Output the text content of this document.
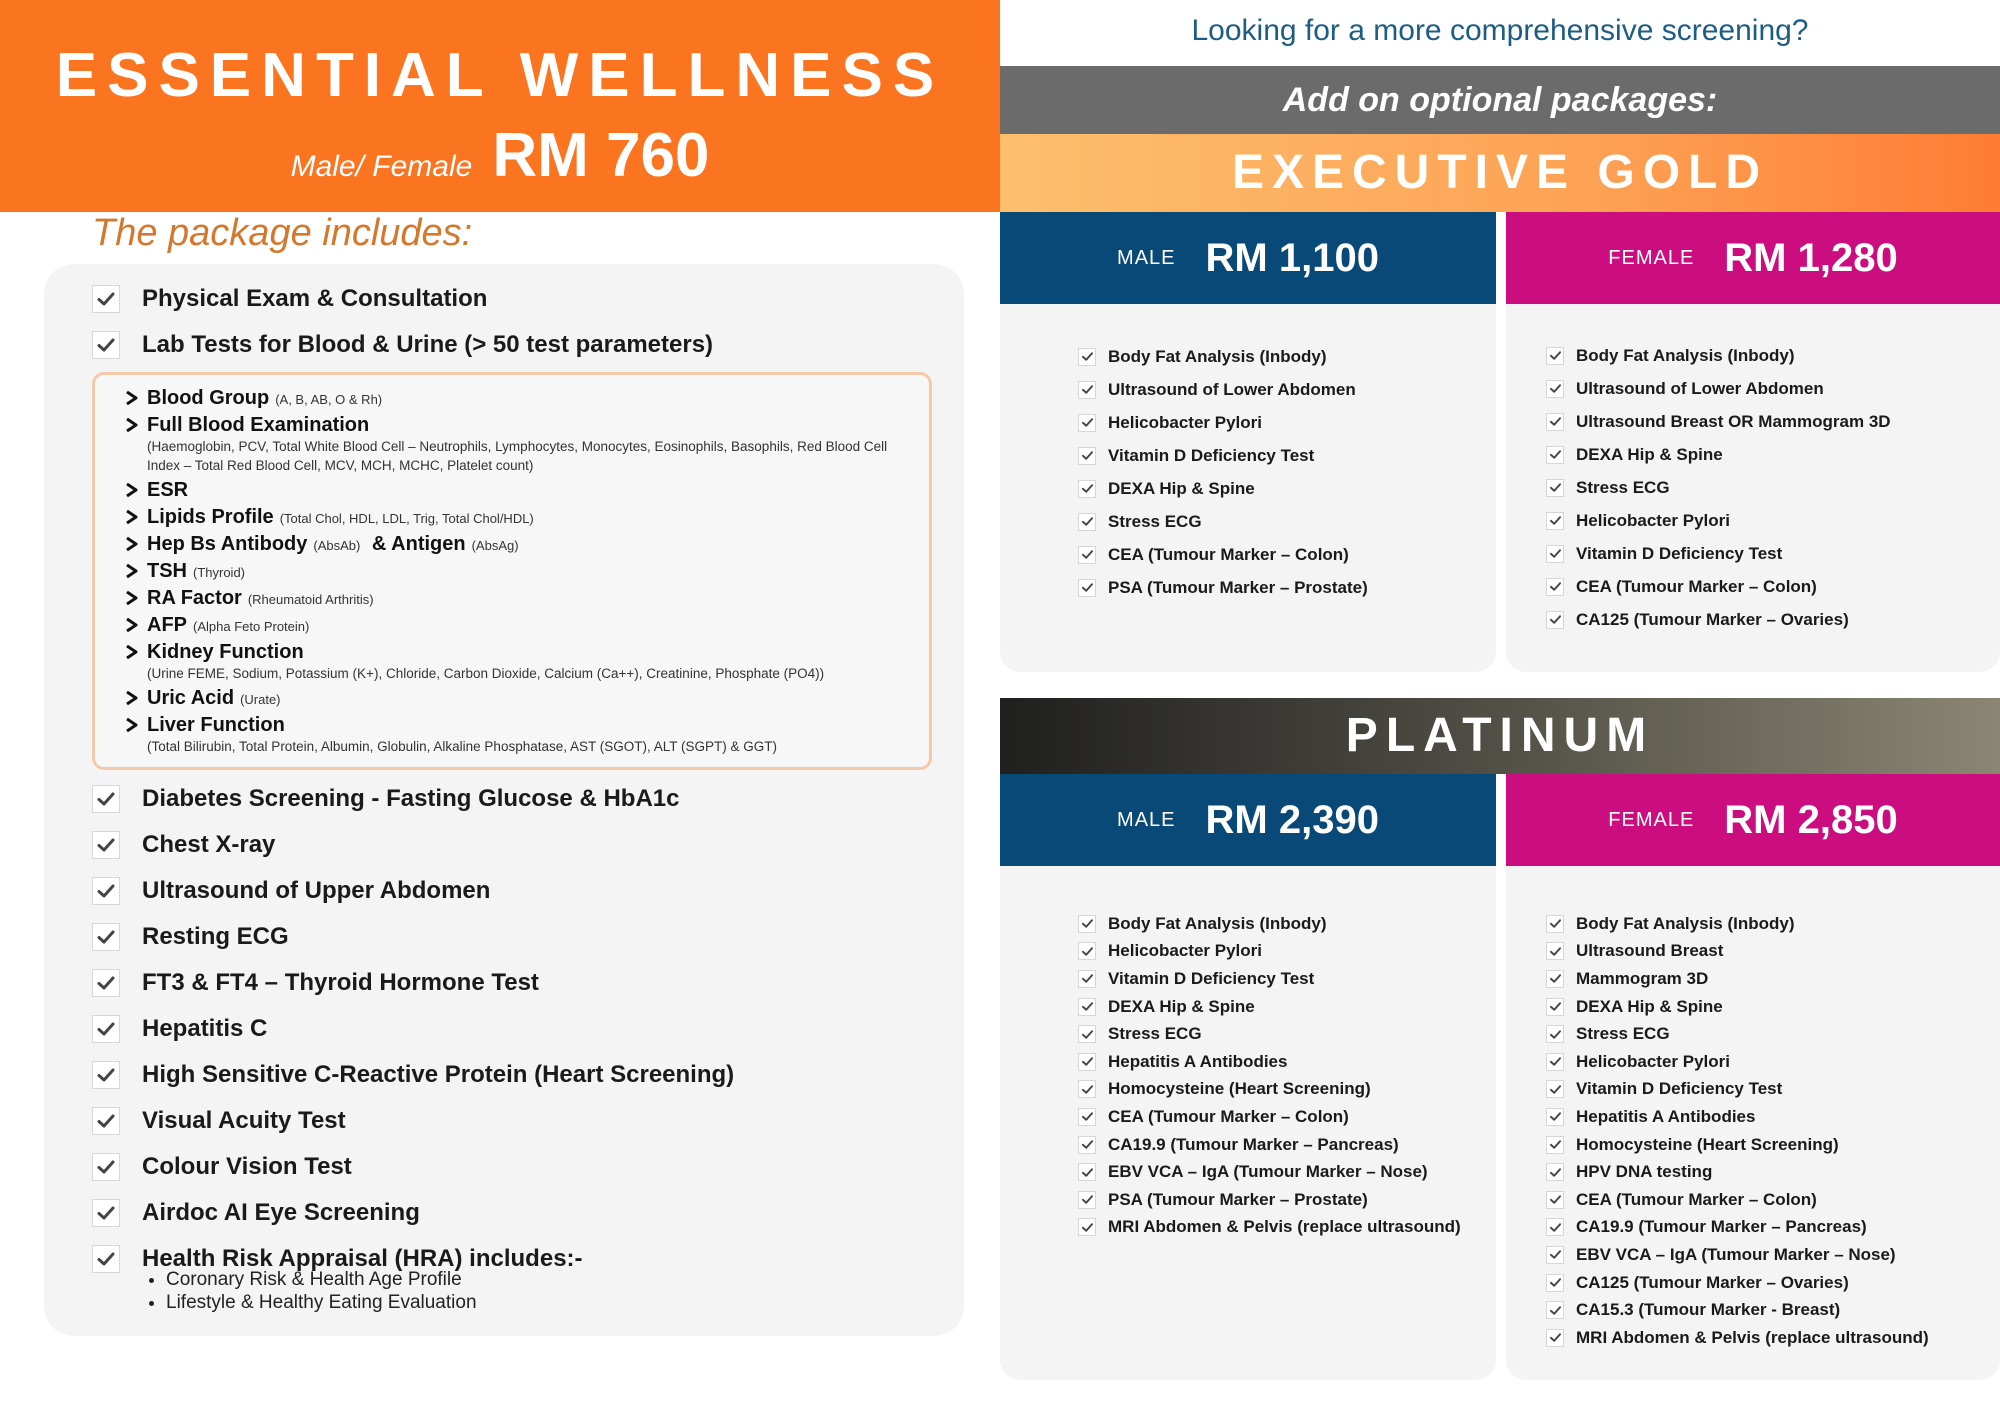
ESSENTIAL WELLNESS
Male/ Female RM 760
The package includes:
Physical Exam & Consultation
Lab Tests for Blood & Urine (> 50 test parameters)
Blood Group (A, B, AB, O & Rh)
Full Blood Examination
(Haemoglobin, PCV, Total White Blood Cell – Neutrophils, Lymphocytes, Monocytes, Eosinophils, Basophils, Red Blood Cell Index – Total Red Blood Cell, MCV, MCH, MCHC, Platelet count)
ESR
Lipids Profile (Total Chol, HDL, LDL, Trig, Total Chol/HDL)
Hep Bs Antibody (AbsAb) & Antigen (AbsAg)
TSH (Thyroid)
RA Factor (Rheumatoid Arthritis)
AFP (Alpha Feto Protein)
Kidney Function
(Urine FEME, Sodium, Potassium (K+), Chloride, Carbon Dioxide, Calcium (Ca++), Creatinine, Phosphate (PO4))
Uric Acid (Urate)
Liver Function
(Total Bilirubin, Total Protein, Albumin, Globulin, Alkaline Phosphatase, AST (SGOT), ALT (SGPT) & GGT)
Diabetes Screening - Fasting Glucose & HbA1c
Chest X-ray
Ultrasound of Upper Abdomen
Resting ECG
FT3 & FT4 – Thyroid Hormone Test
Hepatitis C
High Sensitive C-Reactive Protein (Heart Screening)
Visual Acuity Test
Colour Vision Test
Airdoc AI Eye Screening
Health Risk Appraisal (HRA) includes:-
• Coronary Risk & Health Age Profile
• Lifestyle & Healthy Eating Evaluation
Looking for a more comprehensive screening?
Add on optional packages:
EXECUTIVE GOLD
MALE RM 1,100	FEMALE RM 1,280
Body Fat Analysis (Inbody)
Ultrasound of Lower Abdomen
Helicobacter Pylori
Vitamin D Deficiency Test
DEXA Hip & Spine
Stress ECG
CEA (Tumour Marker – Colon)
PSA (Tumour Marker – Prostate)
Body Fat Analysis (Inbody)
Ultrasound of Lower Abdomen
Ultrasound Breast OR Mammogram 3D
DEXA Hip & Spine
Stress ECG
Helicobacter Pylori
Vitamin D Deficiency Test
CEA (Tumour Marker – Colon)
CA125 (Tumour Marker – Ovaries)
PLATINUM
MALE RM 2,390	FEMALE RM 2,850
Body Fat Analysis (Inbody)
Helicobacter Pylori
Vitamin D Deficiency Test
DEXA Hip & Spine
Stress ECG
Hepatitis A Antibodies
Homocysteine (Heart Screening)
CEA (Tumour Marker – Colon)
CA19.9 (Tumour Marker – Pancreas)
EBV VCA – IgA (Tumour Marker – Nose)
PSA (Tumour Marker – Prostate)
MRI Abdomen & Pelvis (replace ultrasound)
Body Fat Analysis (Inbody)
Ultrasound Breast
Mammogram 3D
DEXA Hip & Spine
Stress ECG
Helicobacter Pylori
Vitamin D Deficiency Test
Hepatitis A Antibodies
Homocysteine (Heart Screening)
HPV DNA testing
CEA (Tumour Marker – Colon)
CA19.9 (Tumour Marker – Pancreas)
EBV VCA – IgA (Tumour Marker – Nose)
CA125 (Tumour Marker – Ovaries)
CA15.3 (Tumour Marker - Breast)
MRI Abdomen & Pelvis (replace ultrasound)
